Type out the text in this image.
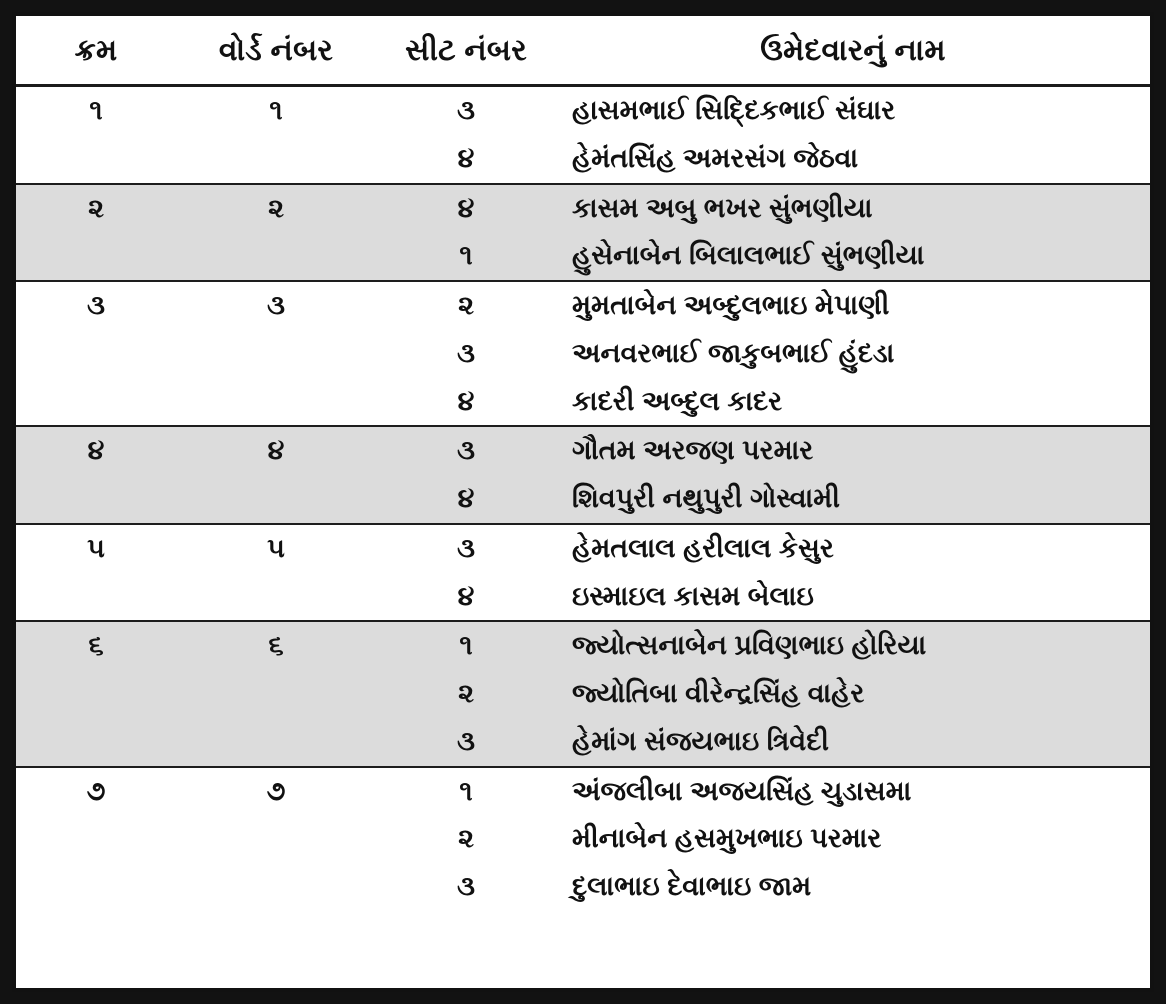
ક્રમ	વોર્ડ નંબર	સીટ નંબર	ઉમેદવારનું નામ
૧	૧	૩	હાસમભાઈ સિદ્દિકભાઈ સંઘાર
		૪	હેમંતસિંહ અમરસંગ જેઠવા
૨	૨	૪	કાસમ અબુ ભખર સુંભણીયા
		૧	હુસેનાબેન બિલાલભાઈ સુંભણીયા
૩	૩	૨	મુમતાબેન અબ્દુલભાઇ મેપાણી
		૩	અનવરભાઈ જાકુબભાઈ હુંદડા
		૪	કાદરી અબ્દુલ કાદર
૪	૪	૩	ગૌતમ અરજણ પરમાર
		૪	શિવપુરી નથુપુરી ગોસ્વામી
૫	૫	૩	હેમતલાલ હરીલાલ કેસુર
		૪	ઇસ્માઇલ કાસમ બેલાઇ
૬	૬	૧	જ્યોત્સનાબેન પ્રવિણભાઇ હોરિયા
		૨	જ્યોતિબા વીરેન્દ્રસિંહ વાહેર
		૩	હેમાંગ સંજયભાઇ ત્રિવેદી
૭	૭	૧	અંજલીબા અજયસિંહ ચુડાસમા
		૨	મીનાબેન હસમુખભાઇ પરમાર
		૩	દુલાભાઇ દેવાભાઇ જામ
